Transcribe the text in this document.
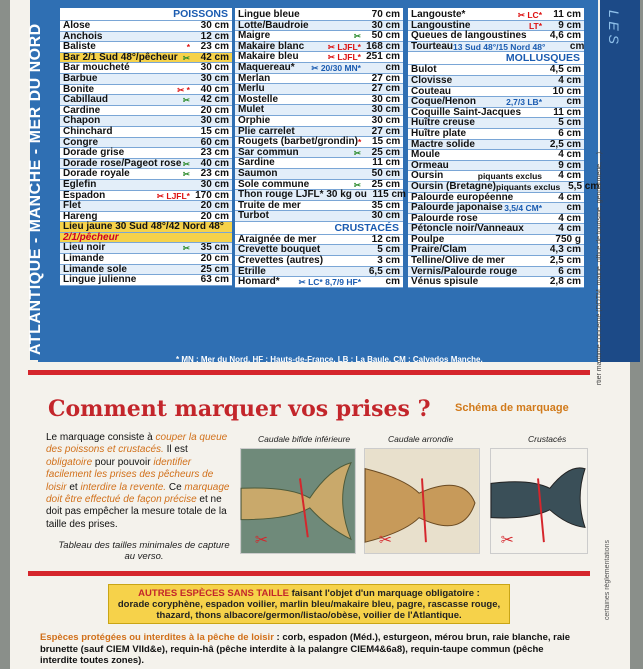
L E S
ATLANTIQUE - MANCHE - MER DU NORD
POISSONS
Alose	30 cm
Anchois	12 cm
Baliste	*	23 cm
Bar 2/1 Sud 48°/pêcheur ✂	42 cm
Bar moucheté	30 cm
Barbue	30 cm
Bonite	✂ *	40 cm
Cabillaud	✂	42 cm
Cardine	20 cm
Chapon	30 cm
Chinchard	15 cm
Congre	60 cm
Dorade grise	23 cm
Dorade rose/Pageot rose ✂	40 cm
Dorade royale	✂	23 cm
Eglefin	30 cm
Espadon	✂ LJFL* 170 cm
Flet	20 cm
Hareng	20 cm
Lieu jaune 30 Sud 48°/42 Nord 48°
2/1/pêcheur
Lieu noir	✂	35 cm
Limande	20 cm
Limande sole	25 cm
Lingue julienne	63 cm
Lingue bleue	70 cm
Lotte/Baudroie	30 cm
Maigre	✂	50 cm
Makaire blanc	✂ LJFL* 168 cm
Makaire bleu	✂ LJFL* 251 cm
Maquereau*	✂ 20/30 MN*	cm
Merlan	27 cm
Merlu	27 cm
Mostelle	30 cm
Mulet	30 cm
Orphie	30 cm
Plie carrelet	27 cm
Rougets (barbet/grondin) *	15 cm
Sar commun	✂	25 cm
Sardine	11 cm
Saumon	50 cm
Sole commune	✂	25 cm
Thon rouge LJFL* 30 kg ou 115 cm
Truite de mer	35 cm
Turbot	30 cm
CRUSTACÉS
Araignée de mer	12 cm
Crevette bouquet	5 cm
Crevettes (autres)	3 cm
Etrille	6,5 cm
Homard*	✂ LC* 8,7/9 HF*	cm
Langouste*	✂ LC*	11 cm
Langoustine	LT*	9 cm
Queues de langoustines	4,6 cm
Tourteau 13 Sud 48°/15 Nord 48°	cm
MOLLUSQUES
Bulot	4,5 cm
Clovisse	4 cm
Couteau	10 cm
Coque/Henon	2,7/3 LB*	cm
Coquille Saint-Jacques	11 cm
Huître creuse	5 cm
Huître plate	6 cm
Mactre solide	2,5 cm
Moule	4 cm
Ormeau	9 cm
Oursin	piquants exclus	4 cm
Oursin (Bretagne) piquants exclus 5,5 cm
Palourde européenne	4 cm
Palourde japonaise 3,5/4 CM*	cm
Palourde rose	4 cm
Pétoncle noir/Vanneaux	4 cm
Poulpe	750 g
Praire/Clam	4,3 cm
Telline/Olive de mer	2,5 cm
Vernis/Palourde rouge	6 cm
Vénus spisule	2,8 cm
* MN : Mer du Nord, HF : Hauts-de-France, LB : La Baule, CM : Calvados Manche.
Comment marquer vos prises ? Schéma de marquage
Le marquage consiste à couper la queue des poissons et crustacés. Il est obligatoire pour pouvoir identifier facilement les prises des pêcheurs de loisir et interdire la revente. Ce marquage doit être effectué de façon précise et ne doit pas empêcher la mesure totale de la taille des prises.
Tableau des tailles minimales de capture au verso.
Caudale bifide inférieure	Caudale arrondie	Crustacés
✂	✂	✂
AUTRES ESPÈCES SANS TAILLE faisant l'objet d'un marquage obligatoire :
dorade coryphène, espadon voilier, marlin bleu/makaire bleu, pagre, rascasse rouge,
thazard, thons albacore/germon/listao/obèse, voilier de l'Atlantique.
Espèces protégées ou interdites à la pêche de loisir : corb, espadon (Méd.), esturgeon, mérou brun, raie blanche, raie brunette (sauf CIEM VIId&e), requin-hâ (pêche interdite à la palangre CIEM4&6a8), requin-taupe commun (pêche interdite toutes zones).
rtier maritime concerné (DDTM, mairie, office de tourisme, gendarmerie, ...).
certaines réglementations
